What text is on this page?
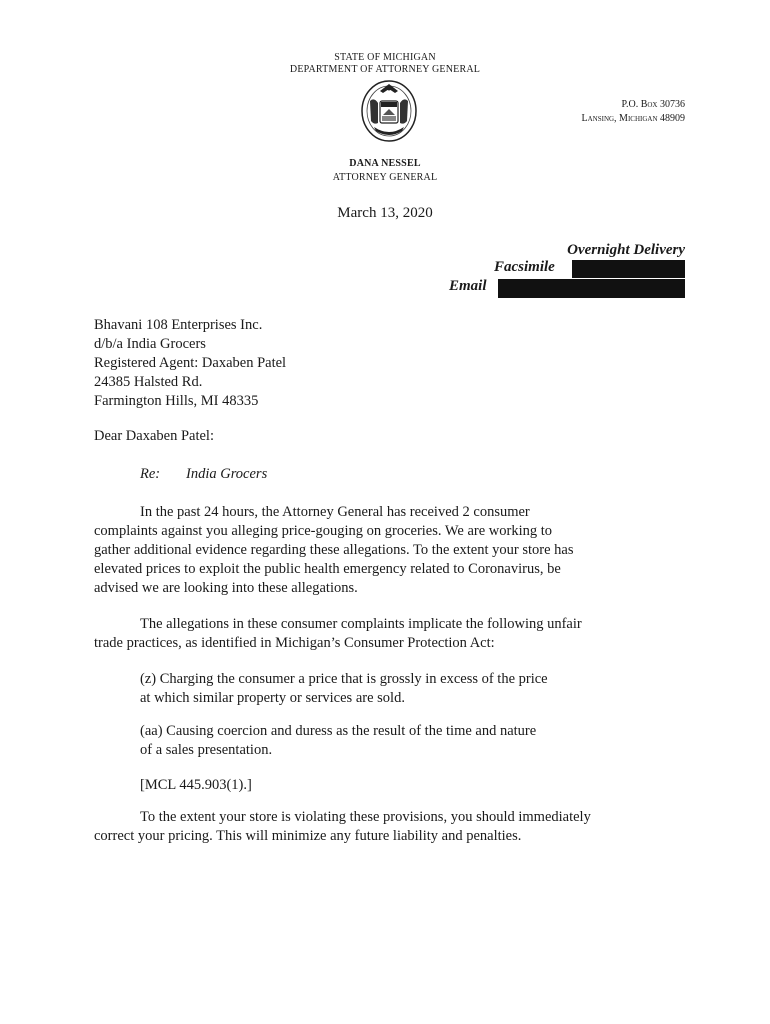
STATE OF MICHIGAN
DEPARTMENT OF ATTORNEY GENERAL
P.O. Box 30736
Lansing, Michigan 48909
DANA NESSEL
ATTORNEY GENERAL
March 13, 2020
Overnight Delivery
Facsimile
Email
Bhavani 108 Enterprises Inc.
d/b/a India Grocers
Registered Agent: Daxaben Patel
24385 Halsted Rd.
Farmington Hills, MI 48335
Dear Daxaben Patel:
Re: India Grocers
In the past 24 hours, the Attorney General has received 2 consumer
complaints against you alleging price-gouging on groceries. We are working to
gather additional evidence regarding these allegations. To the extent your store has
elevated prices to exploit the public health emergency related to Coronavirus, be
advised we are looking into these allegations.
The allegations in these consumer complaints implicate the following unfair
trade practices, as identified in Michigan’s Consumer Protection Act:
(z) Charging the consumer a price that is grossly in excess of the price
at which similar property or services are sold.
(aa) Causing coercion and duress as the result of the time and nature
of a sales presentation.
[MCL 445.903(1).]
To the extent your store is violating these provisions, you should immediately
correct your pricing. This will minimize any future liability and penalties.
